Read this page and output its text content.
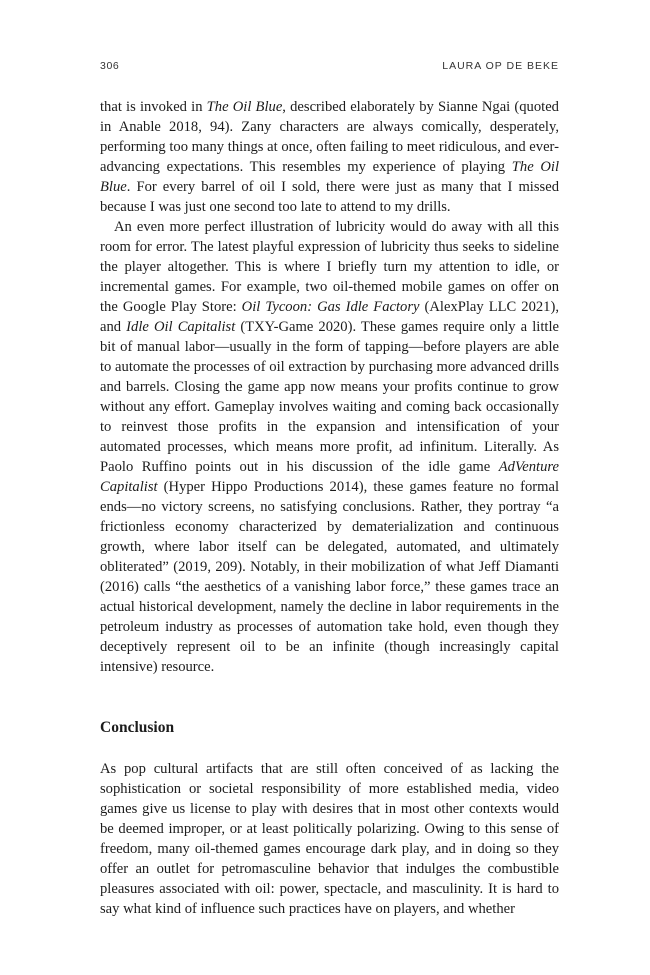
306	LAURA OP DE BEKE

that is invoked in The Oil Blue, described elaborately by Sianne Ngai (quoted in Anable 2018, 94). Zany characters are always comically, desperately, performing too many things at once, often failing to meet ridiculous, and ever-advancing expectations. This resembles my experience of playing The Oil Blue. For every barrel of oil I sold, there were just as many that I missed because I was just one second too late to attend to my drills.

An even more perfect illustration of lubricity would do away with all this room for error. The latest playful expression of lubricity thus seeks to sideline the player altogether. This is where I briefly turn my attention to idle, or incremental games. For example, two oil-themed mobile games on offer on the Google Play Store: Oil Tycoon: Gas Idle Factory (AlexPlay LLC 2021), and Idle Oil Capitalist (TXY-Game 2020). These games require only a little bit of manual labor—usually in the form of tapping—before players are able to automate the processes of oil extraction by purchasing more advanced drills and barrels. Closing the game app now means your profits continue to grow without any effort. Gameplay involves waiting and coming back occasionally to reinvest those profits in the expansion and intensification of your automated processes, which means more profit, ad infinitum. Literally. As Paolo Ruffino points out in his discussion of the idle game AdVenture Capitalist (Hyper Hippo Productions 2014), these games feature no formal ends—no victory screens, no satisfying conclusions. Rather, they portray “a frictionless economy characterized by dematerialization and continuous growth, where labor itself can be delegated, automated, and ultimately obliterated” (2019, 209). Notably, in their mobilization of what Jeff Diamanti (2016) calls “the aesthetics of a vanishing labor force,” these games trace an actual historical development, namely the decline in labor requirements in the petroleum industry as processes of automation take hold, even though they deceptively represent oil to be an infinite (though increasingly capital intensive) resource.

Conclusion

As pop cultural artifacts that are still often conceived of as lacking the sophistication or societal responsibility of more established media, video games give us license to play with desires that in most other contexts would be deemed improper, or at least politically polarizing. Owing to this sense of freedom, many oil-themed games encourage dark play, and in doing so they offer an outlet for petromasculine behavior that indulges the combustible pleasures associated with oil: power, spectacle, and masculinity. It is hard to say what kind of influence such practices have on players, and whether
